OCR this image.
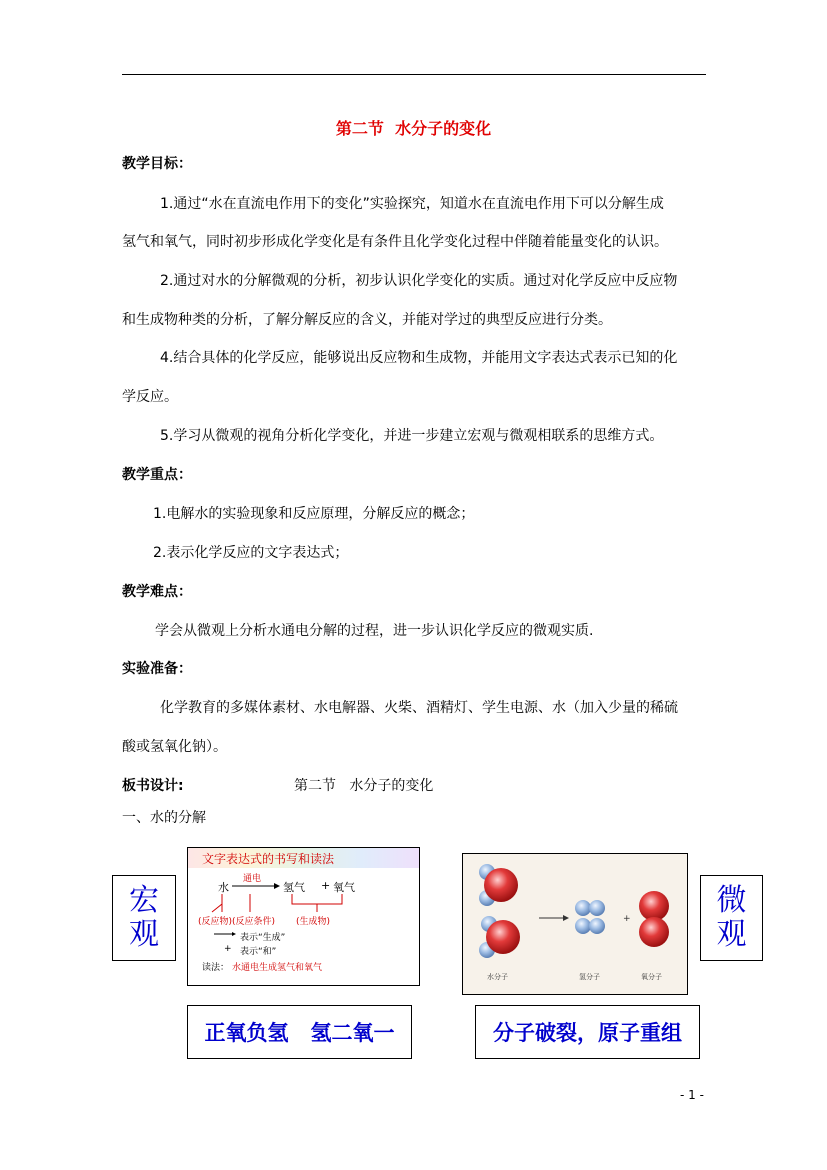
第二节  水分子的变化
教学目标：
1.通过“水在直流电作用下的变化”实验探究，知道水在直流电作用下可以分解生成
氢气和氧气，同时初步形成化学变化是有条件且化学变化过程中伴随着能量变化的认识。
2.通过对水的分解微观的分析，初步认识化学变化的实质。通过对化学反应中反应物
和生成物种类的分析，了解分解反应的含义，并能对学过的典型反应进行分类。
4.结合具体的化学反应，能够说出反应物和生成物，并能用文字表达式表示已知的化
学反应。
5.学习从微观的视角分析化学变化，并进一步建立宏观与微观相联系的思维方式。
教学重点：
1.电解水的实验现象和反应原理，分解反应的概念；
2.表示化学反应的文字表达式；
教学难点：
学会从微观上分析水通电分解的过程，进一步认识化学反应的微观实质.
实验准备：
化学教育的多媒体素材、水电解器、火柴、酒精灯、学生电源、水（加入少量的稀硫
酸或氢氧化钠）。
板书设计:	第二节   水分子的变化
一、水的分解
宏
观
微
观
文字表达式的书写和读法
水
通电
氢气 + 氧气
(反应物) (反应条件) (生成物)
表示“生成”
+ 表示“和”
读法： 水通电生成氢气和氧气
+
水分子	氢分子	氧分子
正氧负氢   氢二氧一	分子破裂，原子重组
- 1 -
